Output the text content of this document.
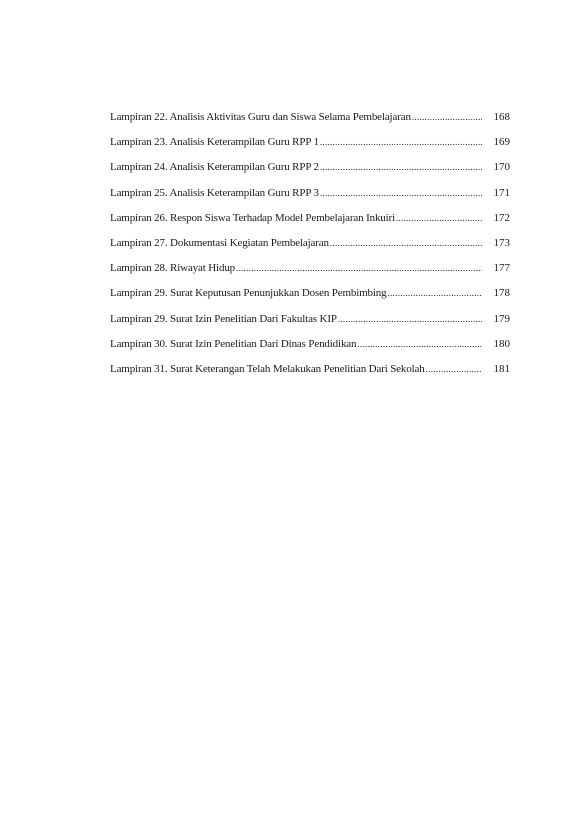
Lampiran 22. Analisis Aktivitas Guru dan Siswa Selama Pembelajaran .....	168
Lampiran 23. Analisis Keterampilan Guru RPP 1 .....	169
Lampiran 24. Analisis Keterampilan Guru RPP 2 .....	170
Lampiran 25. Analisis Keterampilan Guru RPP 3 .....	171
Lampiran 26. Respon Siswa Terhadap Model Pembelajaran Inkuiri .....	172
Lampiran 27. Dokumentasi Kegiatan Pembelajaran .....	173
Lampiran 28. Riwayat Hidup .....	177
Lampiran 29. Surat Keputusan Penunjukkan Dosen Pembimbing .....	178
Lampiran 29. Surat Izin Penelitian Dari Fakultas KIP .....	179
Lampiran 30. Surat Izin Penelitian Dari Dinas Pendidikan .....	180
Lampiran 31. Surat Keterangan Telah Melakukan Penelitian Dari Sekolah .....	181
